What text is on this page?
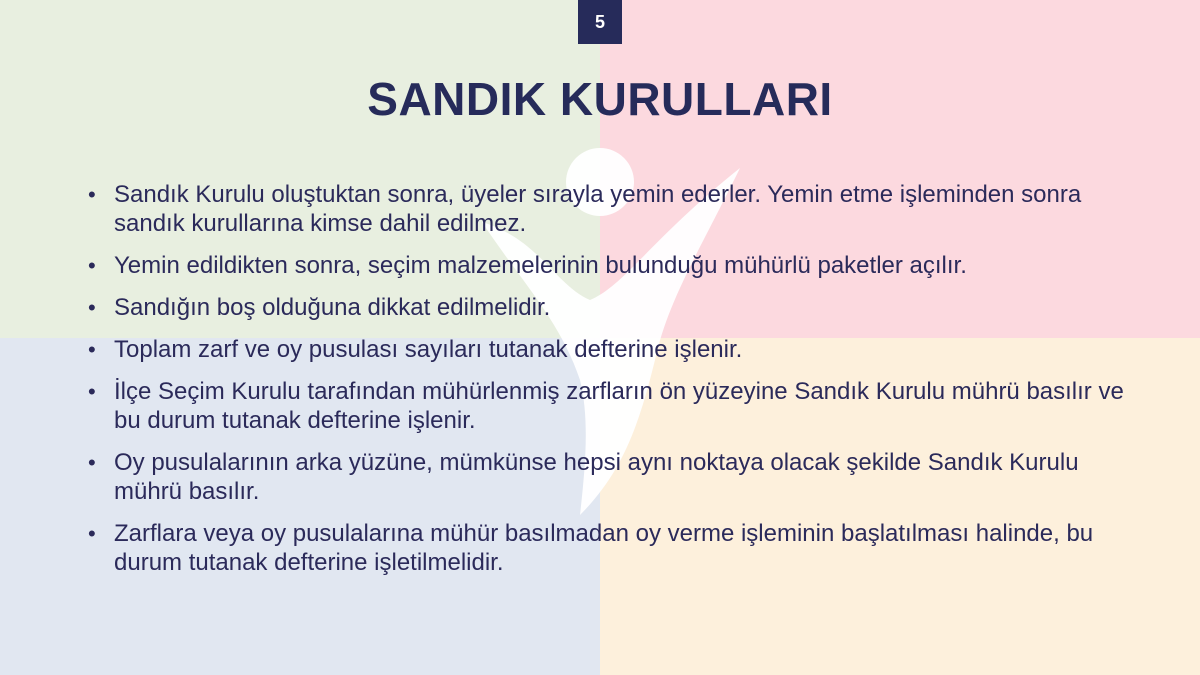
5
SANDIK KURULLARI
• Sandık Kurulu oluştuktan sonra, üyeler sırayla yemin ederler. Yemin etme işleminden sonra sandık kurullarına kimse dahil edilmez.
• Yemin edildikten sonra, seçim malzemelerinin bulunduğu mühürlü paketler açılır.
• Sandığın boş olduğuna dikkat edilmelidir.
• Toplam zarf ve oy pusulası sayıları tutanak defterine işlenir.
• İlçe Seçim Kurulu tarafından mühürlenmiş zarfların ön yüzeyine Sandık Kurulu mührü basılır ve bu durum tutanak defterine işlenir.
• Oy pusulalarının arka yüzüne, mümkünse hepsi aynı noktaya olacak şekilde Sandık Kurulu mührü basılır.
• Zarflara veya oy pusulalarına mühür basılmadan oy verme işleminin başlatılması halinde, bu durum tutanak defterine işletilmelidir.
